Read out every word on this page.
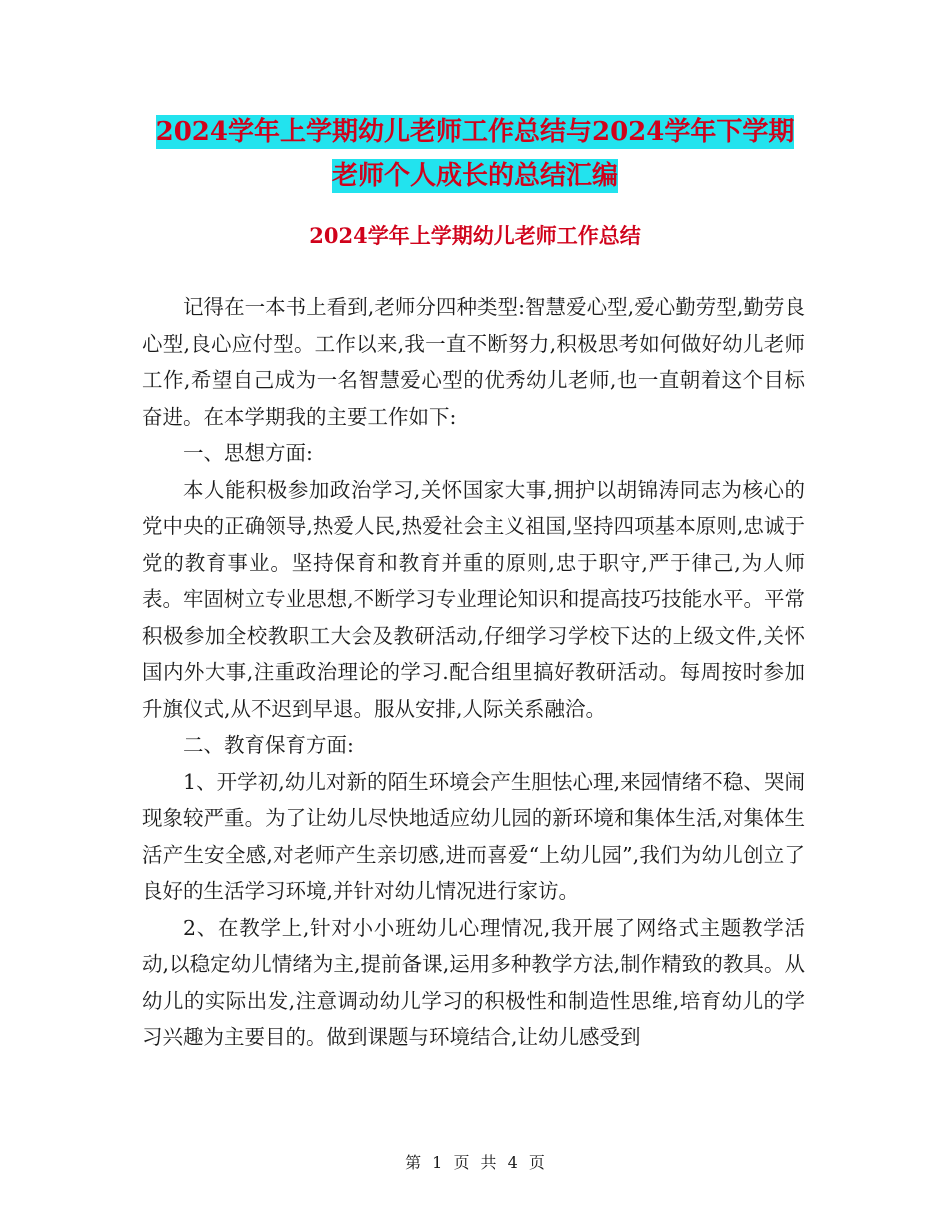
2024学年上学期幼儿老师工作总结与2024学年下学期
老师个人成长的总结汇编
2024学年上学期幼儿老师工作总结

记得在一本书上看到,老师分四种类型:智慧爱心型,爱心勤劳型,勤劳良心型,良心应付型。工作以来,我一直不断努力,积极思考如何做好幼儿老师工作,希望自己成为一名智慧爱心型的优秀幼儿老师,也一直朝着这个目标奋进。在本学期我的主要工作如下:

一、思想方面:

本人能积极参加政治学习,关怀国家大事,拥护以胡锦涛同志为核心的党中央的正确领导,热爱人民,热爱社会主义祖国,坚持四项基本原则,忠诚于党的教育事业。坚持保育和教育并重的原则,忠于职守,严于律己,为人师表。牢固树立专业思想,不断学习专业理论知识和提高技巧技能水平。平常积极参加全校教职工大会及教研活动,仔细学习学校下达的上级文件,关怀国内外大事,注重政治理论的学习.配合组里搞好教研活动。每周按时参加升旗仪式,从不迟到早退。服从安排,人际关系融洽。

二、教育保育方面:

1、开学初,幼儿对新的陌生环境会产生胆怯心理,来园情绪不稳、哭闹现象较严重。为了让幼儿尽快地适应幼儿园的新环境和集体生活,对集体生活产生安全感,对老师产生亲切感,进而喜爱“上幼儿园”,我们为幼儿创立了良好的生活学习环境,并针对幼儿情况进行家访。

2、在教学上,针对小小班幼儿心理情况,我开展了网络式主题教学活动,以稳定幼儿情绪为主,提前备课,运用多种教学方法,制作精致的教具。从幼儿的实际出发,注意调动幼儿学习的积极性和制造性思维,培育幼儿的学习兴趣为主要目的。做到课题与环境结合,让幼儿感受到

第 1 页 共 4 页
